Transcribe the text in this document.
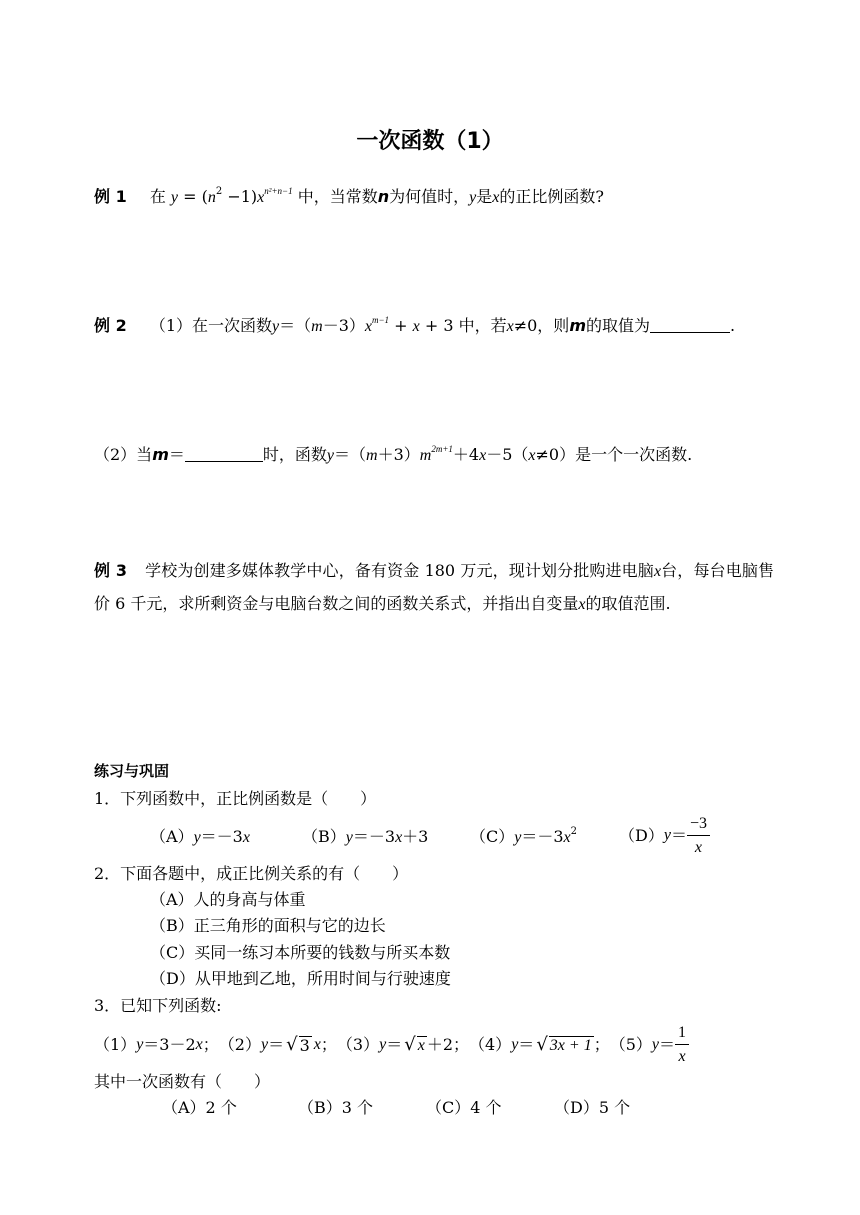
一次函数（1）
例 1 在 $y = (n^2 -1)x^{n^2+n-1}$ 中，当常数n为何值时，y是x的正比例函数?
例 2 （1）在一次函数$y=(m-3)x^{m-1} + x + 3$ 中，若x≠0，则m的取值为	.
（2）当m＝	时，函数$y=(m+3)m^{2m+1}+4x-5(x\ne 0)$是一个一次函数.
例 3 学校为创建多媒体教学中心，备有资金 180 万元，现计划分批购进电脑x台，每台电脑售价 6 千元，求所剩资金与电脑台数之间的函数关系式，并指出自变量x的取值范围.
练习与巩固
1．下列函数中，正比例函数是（　　）
（A）y＝－3x	（B）y＝－3x＋3	$(C)y=-3x^2$	$(D)y= \frac{-3}{x}$
2．下面各题中，成正比例关系的有（　　）
（A）人的身高与体重
（B）正三角形的面积与它的边长
（C）买同一练习本所要的钱数与所买本数
（D）从甲地到乙地，所用时间与行驶速度
3．已知下列函数:
（1） y ＝3－2 x ； （2） y ＝ √ 3 x ； （3） y ＝ √ x ＋2； （4） y ＝ √ 3x + 1 ； （5） $y = \frac{1}{x}$
其中一次函数有（　　）
（A）2 个	（B）3 个	（C）4 个	（D）5 个
